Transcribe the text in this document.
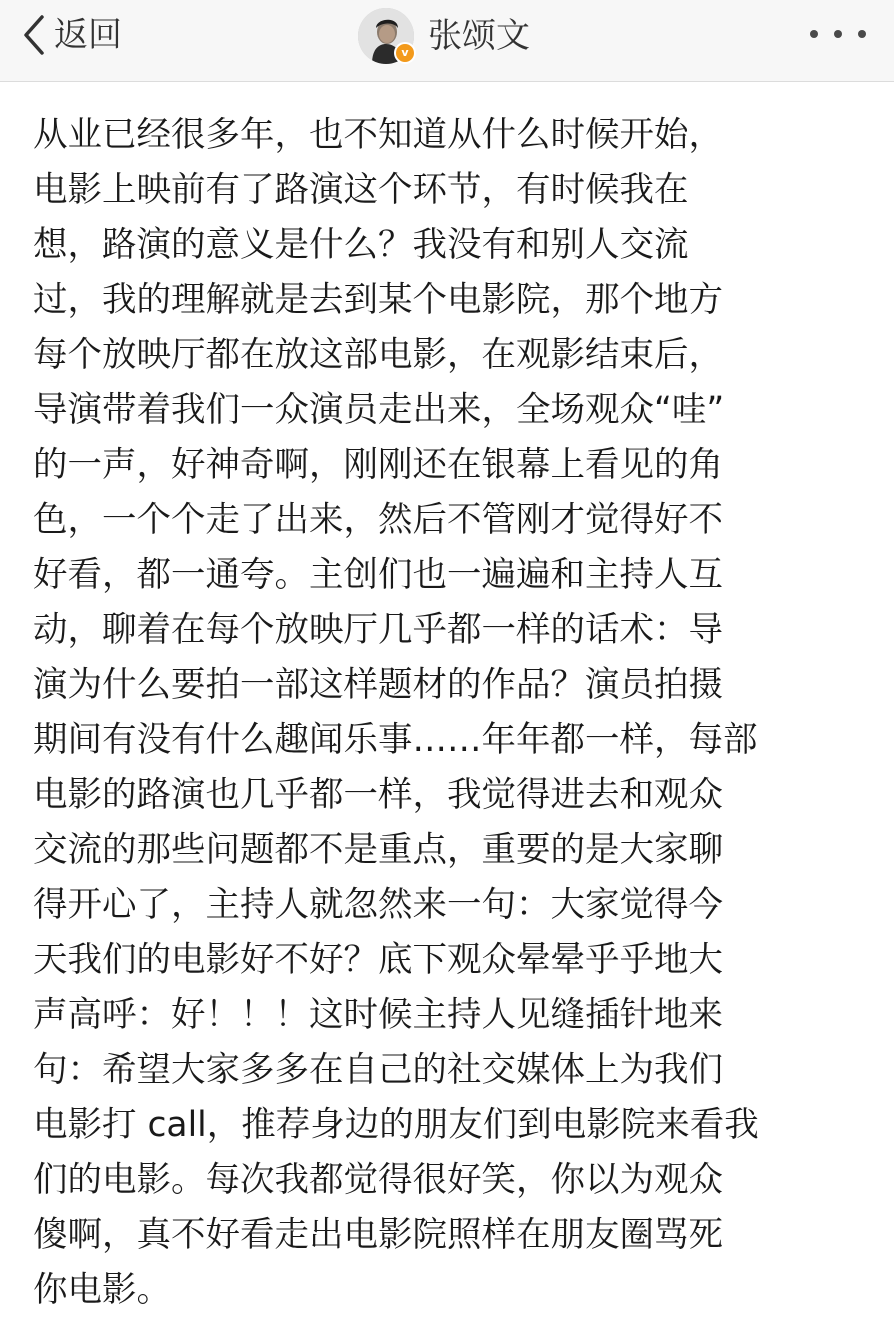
返回	v 张颂文
从业已经很多年，也不知道从什么时候开始，
电影上映前有了路演这个环节，有时候我在
想，路演的意义是什么？我没有和别人交流
过，我的理解就是去到某个电影院，那个地方
每个放映厅都在放这部电影，在观影结束后，
导演带着我们一众演员走出来，全场观众“哇”
的一声，好神奇啊，刚刚还在银幕上看见的角
色，一个个走了出来，然后不管刚才觉得好不
好看，都一通夸。主创们也一遍遍和主持人互
动，聊着在每个放映厅几乎都一样的话术：导
演为什么要拍一部这样题材的作品？演员拍摄
期间有没有什么趣闻乐事……年年都一样，每部
电影的路演也几乎都一样，我觉得进去和观众
交流的那些问题都不是重点，重要的是大家聊
得开心了，主持人就忽然来一句：大家觉得今
天我们的电影好不好？底下观众晕晕乎乎地大
声高呼：好！！！这时候主持人见缝插针地来
句：希望大家多多在自己的社交媒体上为我们
电影打 call，推荐身边的朋友们到电影院来看我
们的电影。每次我都觉得很好笑，你以为观众
傻啊，真不好看走出电影院照样在朋友圈骂死
你电影。
